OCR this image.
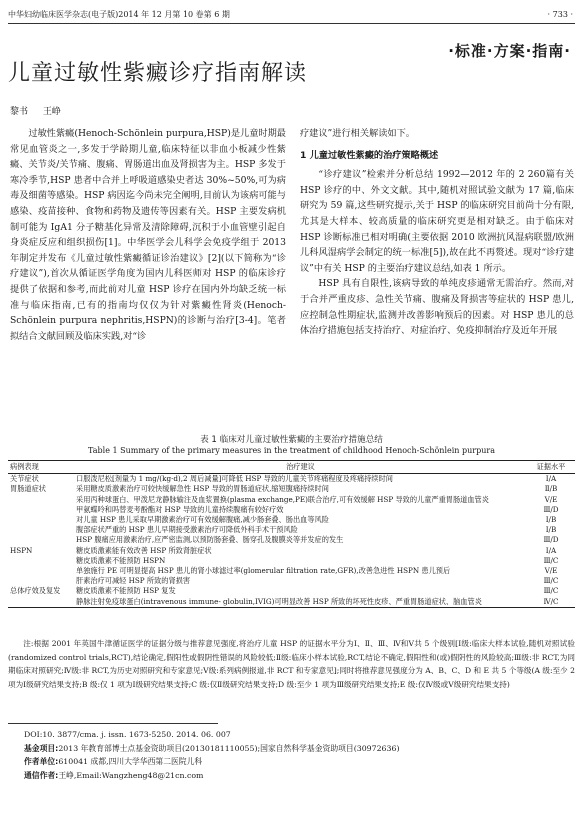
中华妇幼临床医学杂志(电子版)2014 年 12 月第 10 卷第 6 期	· 733 ·
·标准·方案·指南·
儿童过敏性紫癜诊疗指南解读
黎书 王峥

过敏性紫癜(Henoch-Schönlein purpura,HSP)是儿童时期最常见血管炎之一,多发于学龄期儿童,临床特征以非血小板减少性紫癜、关节炎/关节痛、腹痛、胃肠道出血及肾损害为主。HSP 多发于寒冷季节,HSP 患者中合并上呼吸道感染史者达 30%~50%,可为病毒及细菌等感染。HSP 病因迄今尚未完全阐明,目前认为该病可能与感染、疫苗接种、食物和药物及遗传等因素有关。HSP 主要发病机制可能为 IgA1 分子糖基化异常及清除障碍,沉积于小血管壁引起自身炎症反应和组织损伤[1]。中华医学会儿科学会免疫学组于 2013 年制定并发布《儿童过敏性紫癜循证诊治建议》[2](以下简称为“诊疗建议”),首次从循证医学角度为国内儿科医师对 HSP 的临床诊疗提供了依据和参考,而此前对儿童 HSP 诊疗在国内外均缺乏统一标准与临床指南,已有的指南均仅仅为针对紫癜性肾炎(Henoch-Schönlein purpura nephritis,HSPN)的诊断与治疗[3-4]。笔者拟结合文献回顾及临床实践,对“诊

疗建议”进行相关解读如下。

1 儿童过敏性紫癜的治疗策略概述

“诊疗建议”检索并分析总结 1992—2012 年的 2 260篇有关 HSP 诊疗的中、外文文献。其中,随机对照试验文献为 17 篇,临床研究为 59 篇,这些研究提示,关于 HSP 的临床研究目前尚十分有限,尤其是大样本、较高质量的临床研究更是相对缺乏。由于临床对 HSP 诊断标准已相对明确(主要依据 2010 欧洲抗风湿病联盟/欧洲儿科风湿病学会制定的统一标准[5]),故在此不再赘述。现对“诊疗建议”中有关 HSP 的主要治疗建议总结,如表 1 所示。

HSP 具有自限性,该病导致的单纯皮疹通常无需治疗。然而,对于合并严重皮疹、急性关节痛、腹痛及肾损害等症状的 HSP 患儿,应控制急性期症状,监测并改善影响预后的因素。对 HSP 患儿的总体治疗措施包括支持治疗、对症治疗、免疫抑制治疗及近年开展

表 1 临床对儿童过敏性紫癜的主要治疗措施总结
Table 1 Summary of the primary measures in the treatment of childhood Henoch-Schönlein purpura
病例表现	治疗建议	证据水平
关节症状	口服泼尼松[剂量为 1 mg/(kg·d),2 周后减量]可降低 HSP 导致的儿童关节疼痛程度及疼痛持续时间	Ⅰ/A
胃肠道症状	采用糖皮质激素治疗可较快缓解急性 HSP 导致的胃肠道症状,缩短腹痛持续时间	Ⅱ/B
	采用丙种球蛋白、甲泼尼龙静脉输注及血浆置换(plasma exchange,PE)联合治疗,可有效缓解 HSP 导致的儿童严重胃肠道血管炎	Ⅴ/E
	甲氨蝶呤和吗替麦考酚酯对 HSP 导致的儿童持续腹痛有较好疗效	Ⅲ/D
	对儿童 HSP 患儿采取早期激素治疗可有效缓解腹痛,减少肠套叠、肠出血等风险	Ⅰ/B
	腹部症状严重的 HSP 患儿早期接受激素治疗可降低外科手术干预风险	Ⅰ/B
	HSP 腹痛应用激素治疗,应严密监测,以预防肠套叠、肠穿孔及腹膜炎等并发症的发生	Ⅲ/D
HSPN	糖皮质激素能有效改善 HSP 所致肾脏症状	Ⅰ/A
	糖皮质激素不能预防 HSPN	Ⅲ/C
	单独施行 PE 可明显提高 HSP 患儿的肾小球滤过率(glomerular filtration rate,GFR),改善急进性 HSPN 患儿预后	Ⅴ/E
	肝素治疗可减轻 HSP 所致的肾损害	Ⅲ/C
总体疗效及复发	糖皮质激素不能预防 HSP 复发	Ⅲ/C
	静脉注射免疫球蛋白(intravenous immune- globulin,IVIG)可明显改善 HSP 所致的坏死性皮疹、严重胃肠道症状、脑血管炎	Ⅳ/C
注:根据 2001 年英国牛津循证医学的证据分级与推荐意见强度,将治疗儿童 HSP 的证据水平分为Ⅰ、Ⅱ、Ⅲ、Ⅳ和Ⅴ共 5 个级别[Ⅰ级:临床大样本试验,随机对照试验(randomized control trials,RCT),结论确定,假阳性或假阴性错误的风险较低;Ⅱ级:临床小样本试验,RCT,结论不确定,假阳性和(或)假阴性的风险较高;Ⅲ级:非 RCT,为同期临床对照研究;Ⅳ级:非 RCT,为历史对照研究和专家意见;Ⅴ级:系列病例报道,非 RCT 和专家意见];同时将推荐意见强度分为 A、B、C、D 和 E 共 5 个等级(A 级:至少 2 项为Ⅰ级研究结果支持;B 级:仅 1 项为Ⅰ级研究结果支持;C 级:仅Ⅱ级研究结果支持;D 级:至少 1 项为Ⅲ级研究结果支持;E 级:仅Ⅳ级或Ⅴ级研究结果支持)
DOI:10. 3877/cma. j. issn. 1673-5250. 2014. 06. 007
基金项目:2013 年教育部博士点基金资助项目(20130181110055);国家自然科学基金资助项目(30972636)
作者单位:610041 成都,四川大学华西第二医院儿科
通信作者:王峥,Email:Wangzheng48@21cn.com
